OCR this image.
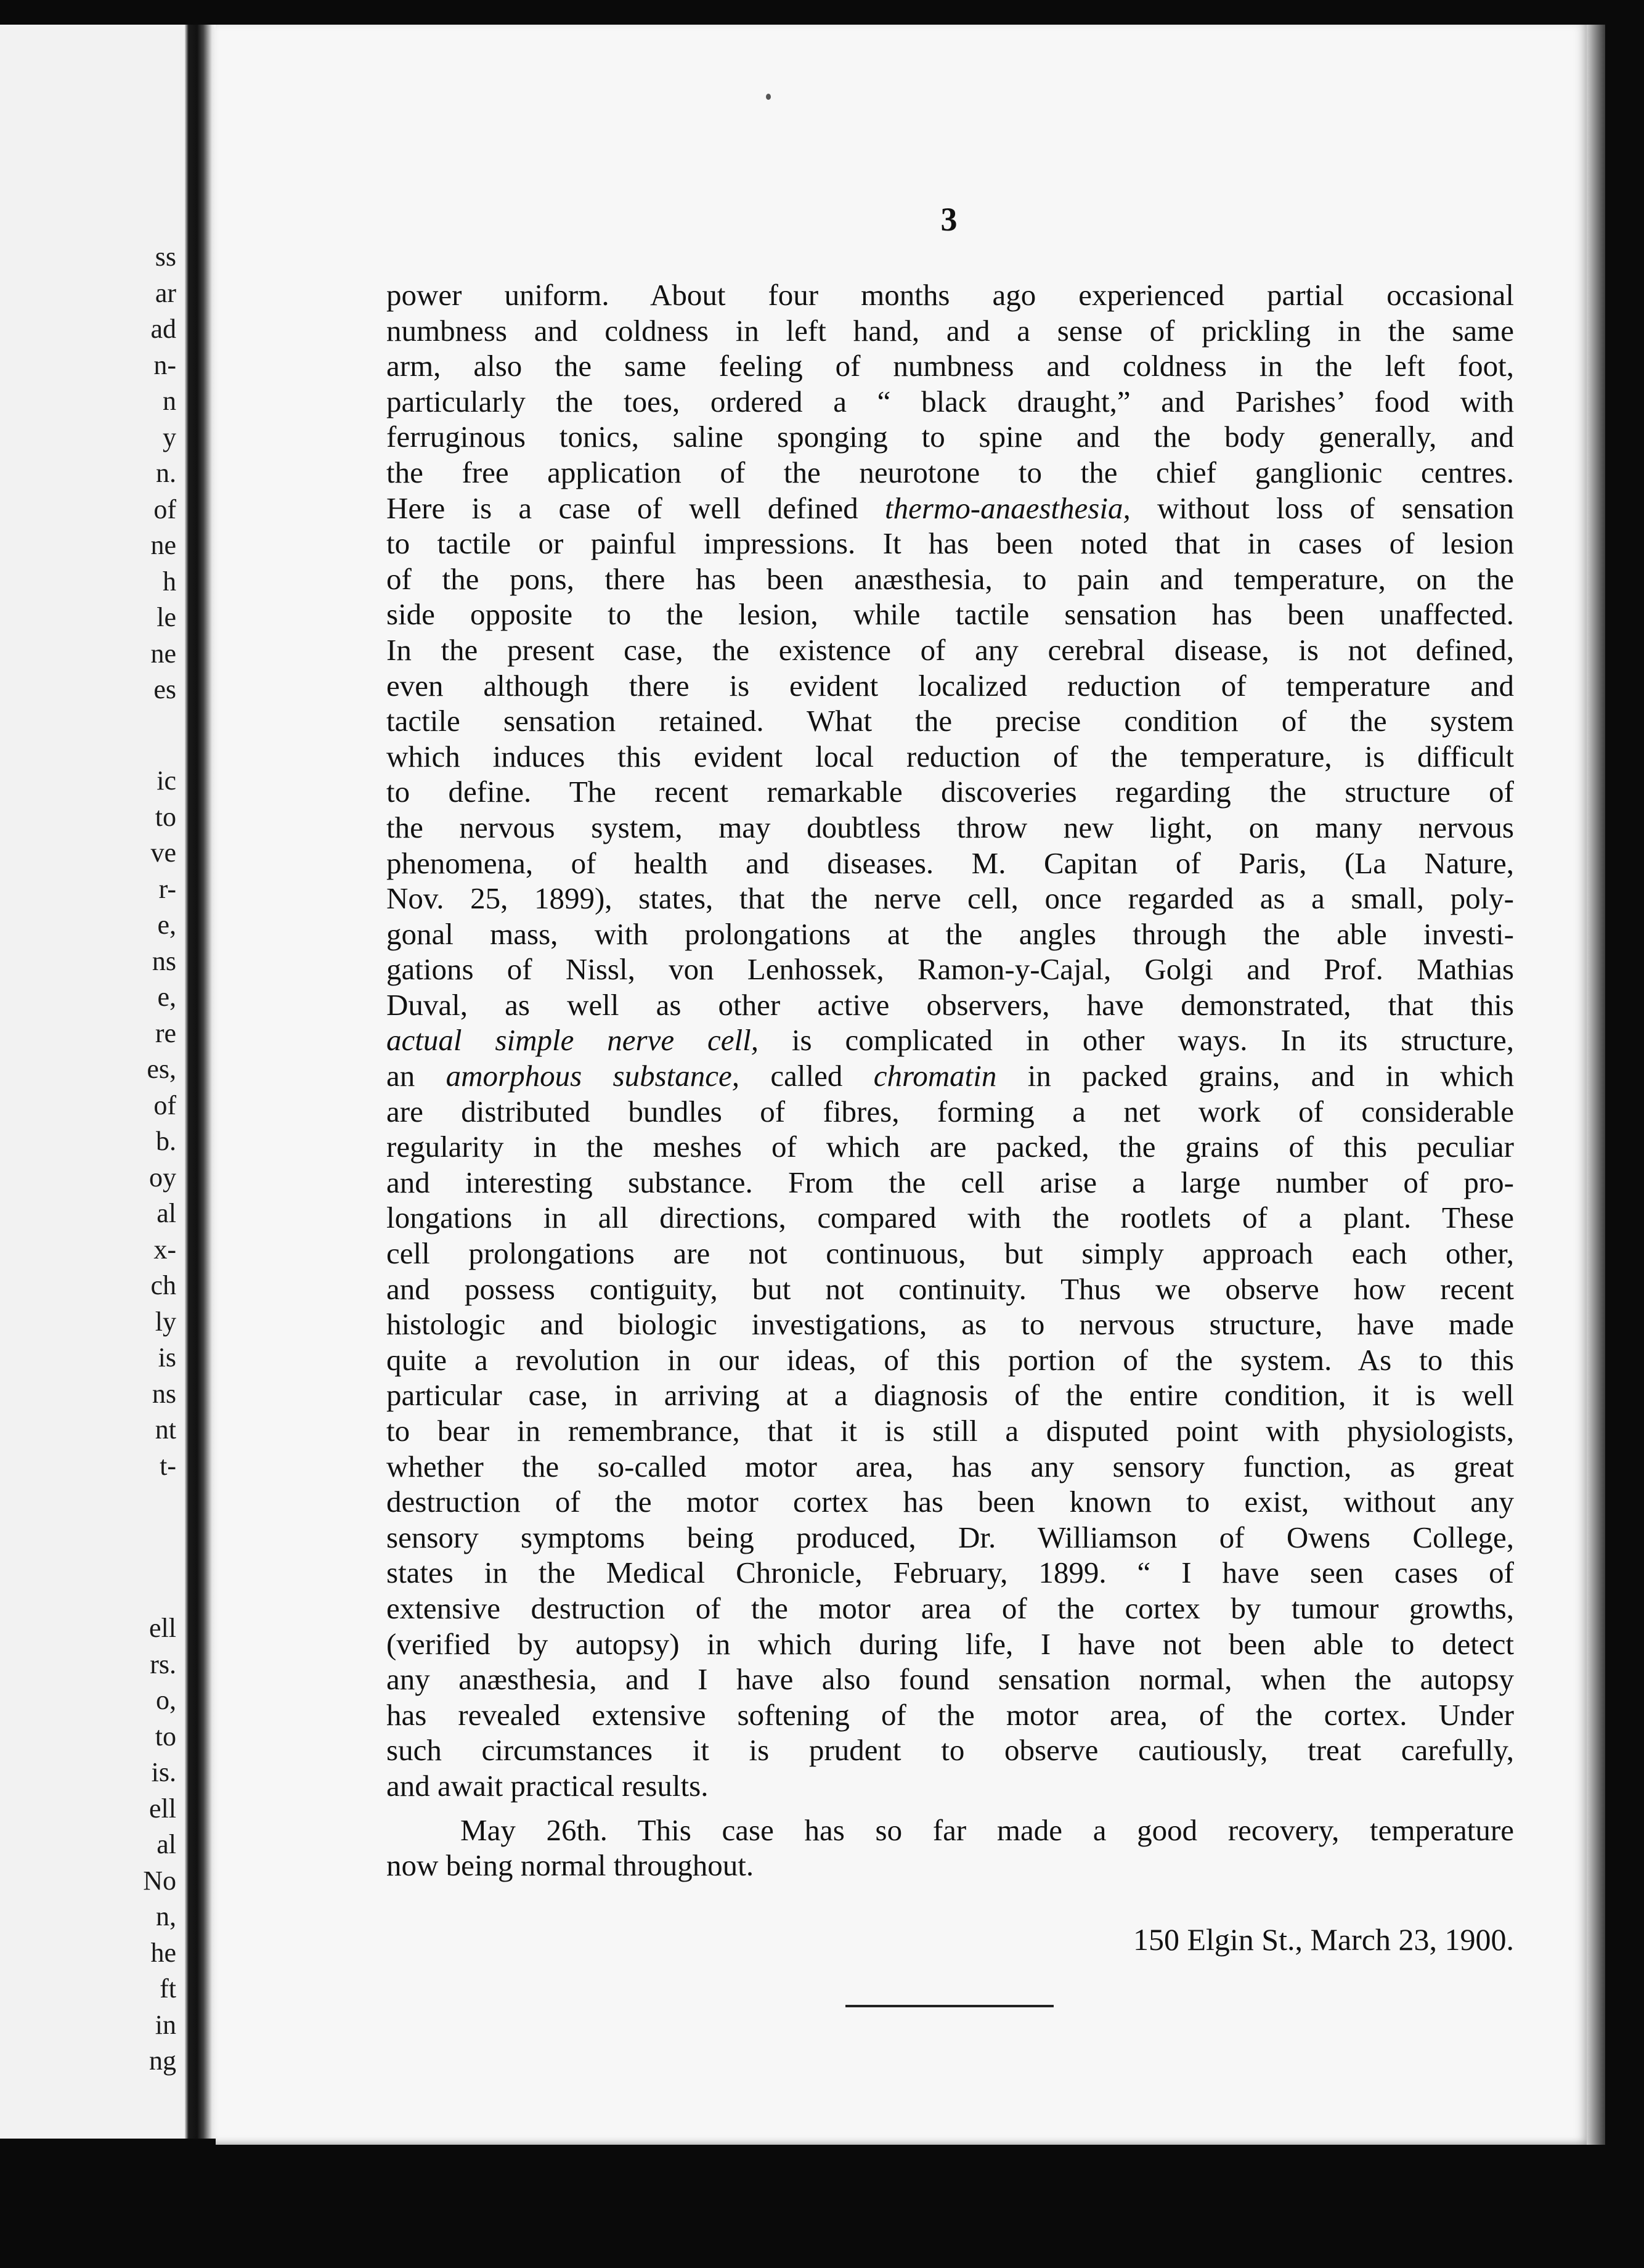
ss
ar
ad
n-
n
y
n.
of
ne
h
le
ne
es
ic
to
ve
r-
e,
ns
e,
re
es,
of
b.
oy
al
x-
ch
ly
is
ns
nt
t-
ell
rs.
o,
to
is.
ell
al
No
n,
he
ft
in
ng
3
power uniform. About four months ago experienced partial occasional
numbness and coldness in left hand, and a sense of prickling in the same
arm, also the same feeling of numbness and coldness in the left foot,
particularly the toes, ordered a “ black draught,” and Parishes’ food with
ferruginous tonics, saline sponging to spine and the body generally, and
the free application of the neurotone to the chief ganglionic centres.
Here is a case of well defined thermo-anaesthesia, without loss of sensation
to tactile or painful impressions. It has been noted that in cases of lesion
of the pons, there has been anæsthesia, to pain and temperature, on the
side opposite to the lesion, while tactile sensation has been unaffected.
In the present case, the existence of any cerebral disease, is not defined,
even although there is evident localized reduction of temperature and
tactile sensation retained. What the precise condition of the system
which induces this evident local reduction of the temperature, is difficult
to define. The recent remarkable discoveries regarding the structure of
the nervous system, may doubtless throw new light, on many nervous
phenomena, of health and diseases. M. Capitan of Paris, (La Nature,
Nov. 25, 1899), states, that the nerve cell, once regarded as a small, poly-
gonal mass, with prolongations at the angles through the able investi-
gations of Nissl, von Lenhossek, Ramon-y-Cajal, Golgi and Prof. Mathias
Duval, as well as other active observers, have demonstrated, that this
actual simple nerve cell, is complicated in other ways. In its structure,
an amorphous substance, called chromatin in packed grains, and in which
are distributed bundles of fibres, forming a net work of considerable
regularity in the meshes of which are packed, the grains of this peculiar
and interesting substance. From the cell arise a large number of pro-
longations in all directions, compared with the rootlets of a plant. These
cell prolongations are not continuous, but simply approach each other,
and possess contiguity, but not continuity. Thus we observe how recent
histologic and biologic investigations, as to nervous structure, have made
quite a revolution in our ideas, of this portion of the system. As to this
particular case, in arriving at a diagnosis of the entire condition, it is well
to bear in remembrance, that it is still a disputed point with physiologists,
whether the so-called motor area, has any sensory function, as great
destruction of the motor cortex has been known to exist, without any
sensory symptoms being produced, Dr. Williamson of Owens College,
states in the Medical Chronicle, February, 1899. “ I have seen cases of
extensive destruction of the motor area of the cortex by tumour growths,
(verified by autopsy) in which during life, I have not been able to detect
any anæsthesia, and I have also found sensation normal, when the autopsy
has revealed extensive softening of the motor area, of the cortex. Under
such circumstances it is prudent to observe cautiously, treat carefully,
and await practical results.
May 26th. This case has so far made a good recovery, temperature
now being normal throughout.
150 Elgin St., March 23, 1900.
